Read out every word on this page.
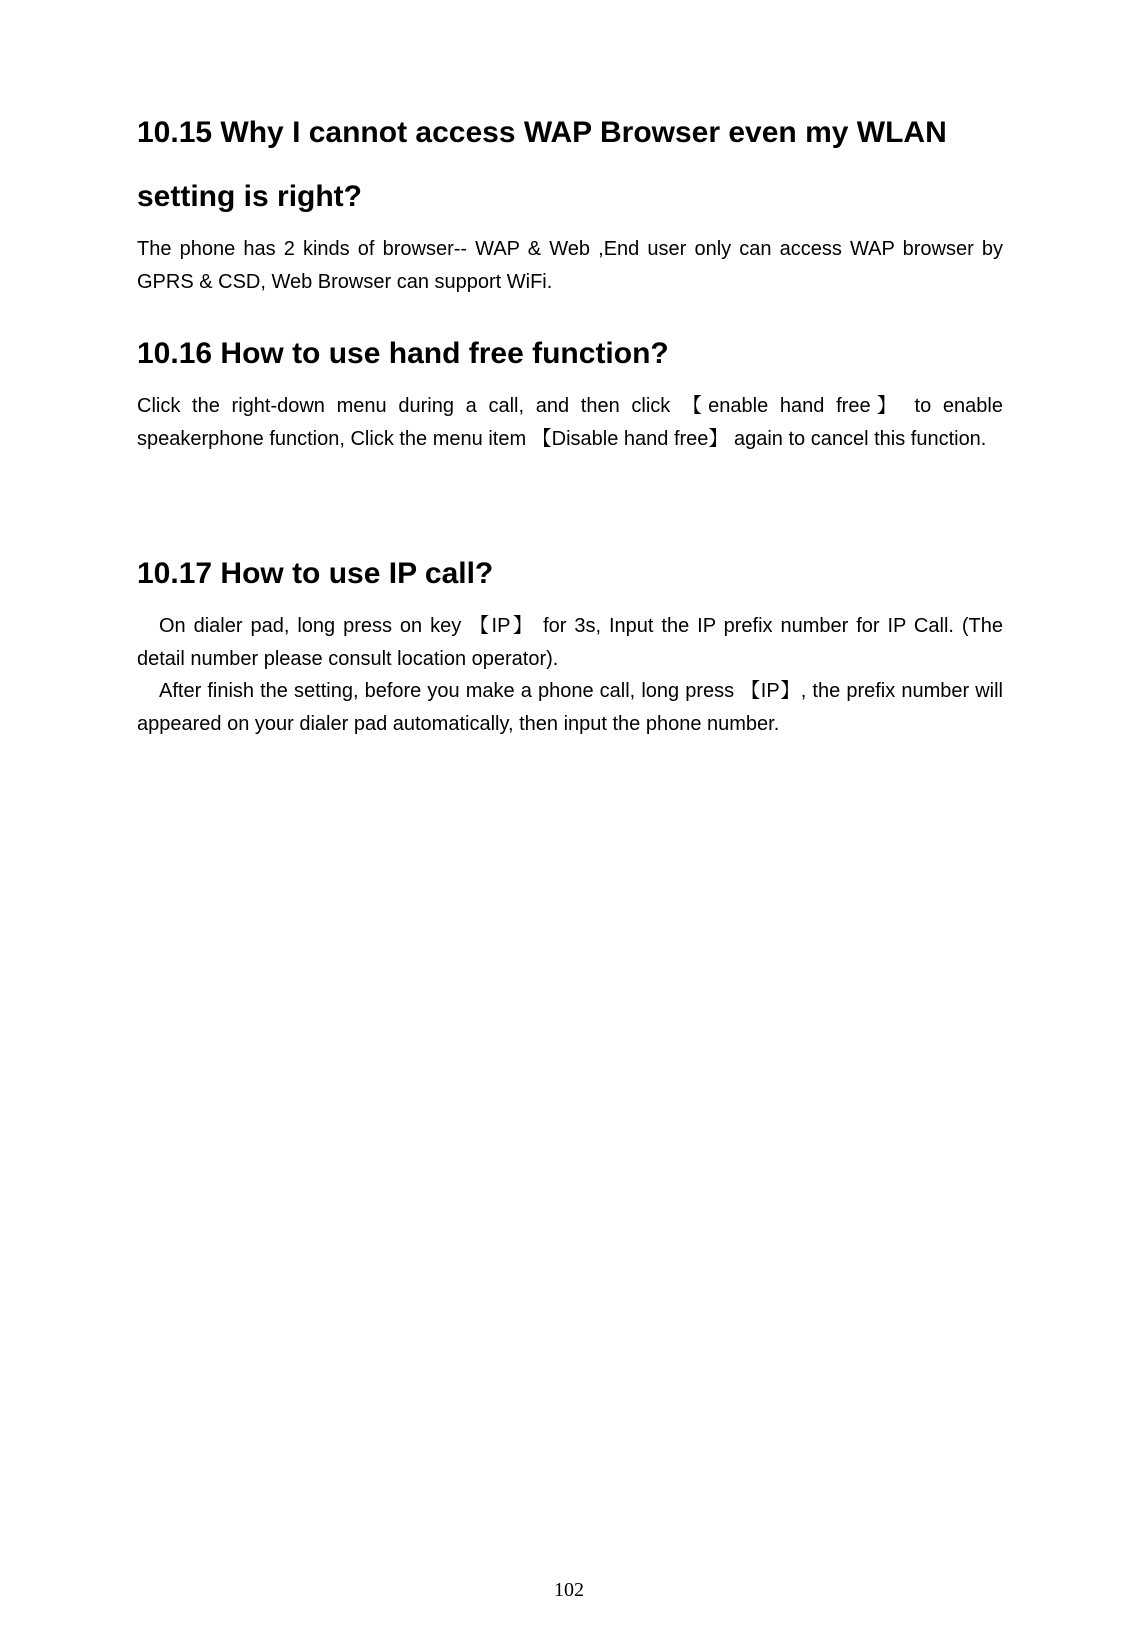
10.15 Why I cannot access WAP Browser even my WLAN setting is right?

The phone has 2 kinds of browser-- WAP & Web ,End user only can access WAP browser by GPRS & CSD, Web Browser can support WiFi.

10.16 How to use hand free function?

Click the right-down menu during a call, and then click 【enable hand free】 to enable speakerphone function, Click the menu item 【Disable hand free】 again to cancel this function.

10.17 How to use IP call?

On dialer pad, long press on key 【IP】 for 3s, Input the IP prefix number for IP Call. (The detail number please consult location operator).

After finish the setting, before you make a phone call, long press 【IP】, the prefix number will appeared on your dialer pad automatically, then input the phone number.

102
